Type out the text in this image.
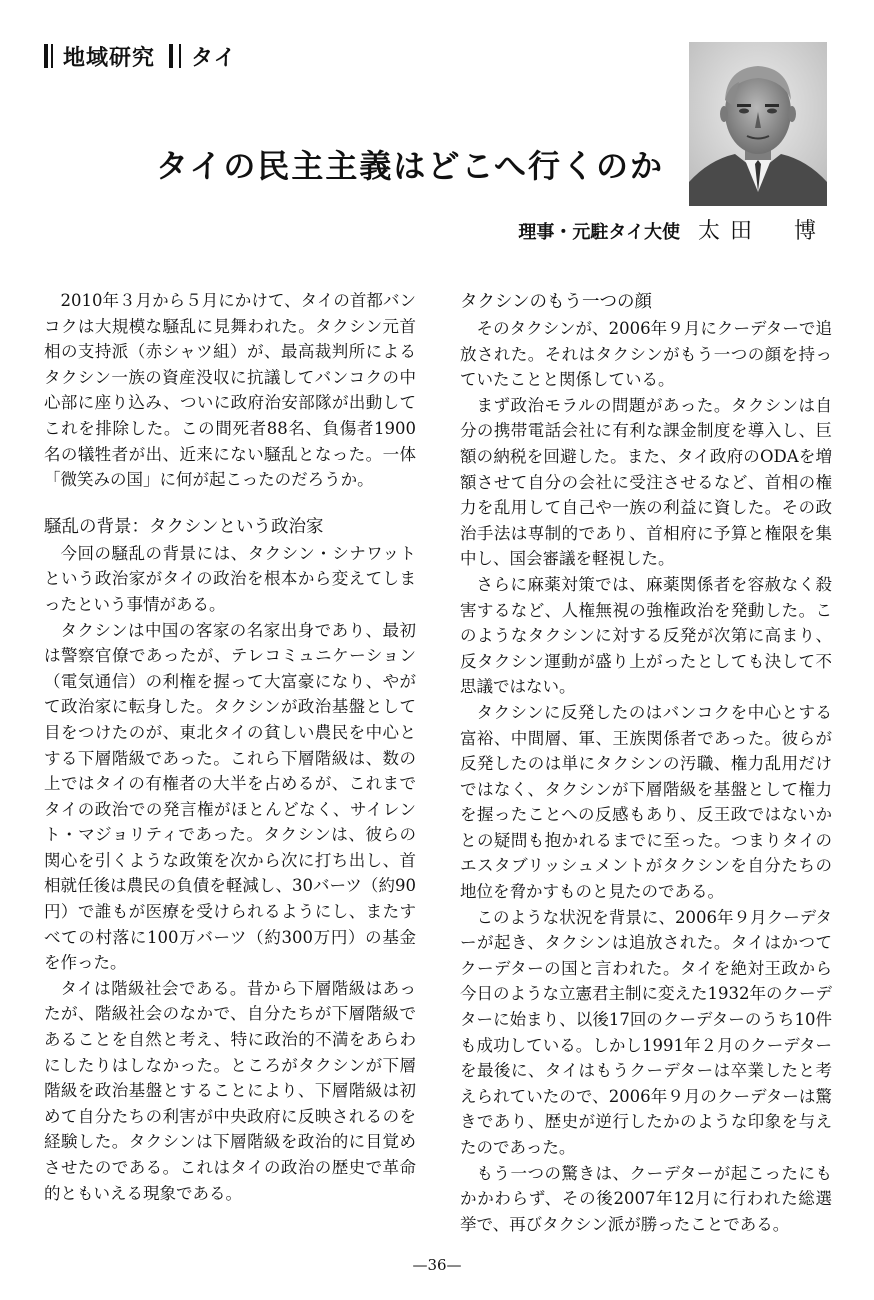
地域研究 タイ
タイの民主主義はどこへ行くのか
理事・元駐タイ大使 太田　博

2010年３月から５月にかけて、タイの首都バンコクは大規模な騒乱に見舞われた。タクシン元首相の支持派（赤シャツ組）が、最高裁判所によるタクシン一族の資産没収に抗議してバンコクの中心部に座り込み、ついに政府治安部隊が出動してこれを排除した。この間死者88名、負傷者1900名の犠牲者が出、近来にない騒乱となった。一体「微笑みの国」に何が起こったのだろうか。

騒乱の背景：タクシンという政治家

今回の騒乱の背景には、タクシン・シナワットという政治家がタイの政治を根本から変えてしまったという事情がある。

タクシンは中国の客家の名家出身であり、最初は警察官僚であったが、テレコミュニケーション（電気通信）の利権を握って大富豪になり、やがて政治家に転身した。タクシンが政治基盤として目をつけたのが、東北タイの貧しい農民を中心とする下層階級であった。これら下層階級は、数の上ではタイの有権者の大半を占めるが、これまでタイの政治での発言権がほとんどなく、サイレント・マジョリティであった。タクシンは、彼らの関心を引くような政策を次から次に打ち出し、首相就任後は農民の負債を軽減し、30バーツ（約90円）で誰もが医療を受けられるようにし、またすべての村落に100万バーツ（約300万円）の基金を作った。

タイは階級社会である。昔から下層階級はあったが、階級社会のなかで、自分たちが下層階級であることを自然と考え、特に政治的不満をあらわにしたりはしなかった。ところがタクシンが下層階級を政治基盤とすることにより、下層階級は初めて自分たちの利害が中央政府に反映されるのを経験した。タクシンは下層階級を政治的に目覚めさせたのである。これはタイの政治の歴史で革命的ともいえる現象である。

タクシンのもう一つの顔

そのタクシンが、2006年９月にクーデターで追放された。それはタクシンがもう一つの顔を持っていたことと関係している。

まず政治モラルの問題があった。タクシンは自分の携帯電話会社に有利な課金制度を導入し、巨額の納税を回避した。また、タイ政府のODAを増額させて自分の会社に受注させるなど、首相の権力を乱用して自己や一族の利益に資した。その政治手法は専制的であり、首相府に予算と権限を集中し、国会審議を軽視した。

さらに麻薬対策では、麻薬関係者を容赦なく殺害するなど、人権無視の強権政治を発動した。このようなタクシンに対する反発が次第に高まり、反タクシン運動が盛り上がったとしても決して不思議ではない。

タクシンに反発したのはバンコクを中心とする富裕、中間層、軍、王族関係者であった。彼らが反発したのは単にタクシンの汚職、権力乱用だけではなく、タクシンが下層階級を基盤として権力を握ったことへの反感もあり、反王政ではないかとの疑問も抱かれるまでに至った。つまりタイのエスタブリッシュメントがタクシンを自分たちの地位を脅かすものと見たのである。

このような状況を背景に、2006年９月クーデターが起き、タクシンは追放された。タイはかつてクーデターの国と言われた。タイを絶対王政から今日のような立憲君主制に変えた1932年のクーデターに始まり、以後17回のクーデターのうち10件も成功している。しかし1991年２月のクーデターを最後に、タイはもうクーデターは卒業したと考えられていたので、2006年９月のクーデターは驚きであり、歴史が逆行したかのような印象を与えたのであった。

もう一つの驚きは、クーデターが起こったにもかかわらず、その後2007年12月に行われた総選挙で、再びタクシン派が勝ったことである。

—36—
